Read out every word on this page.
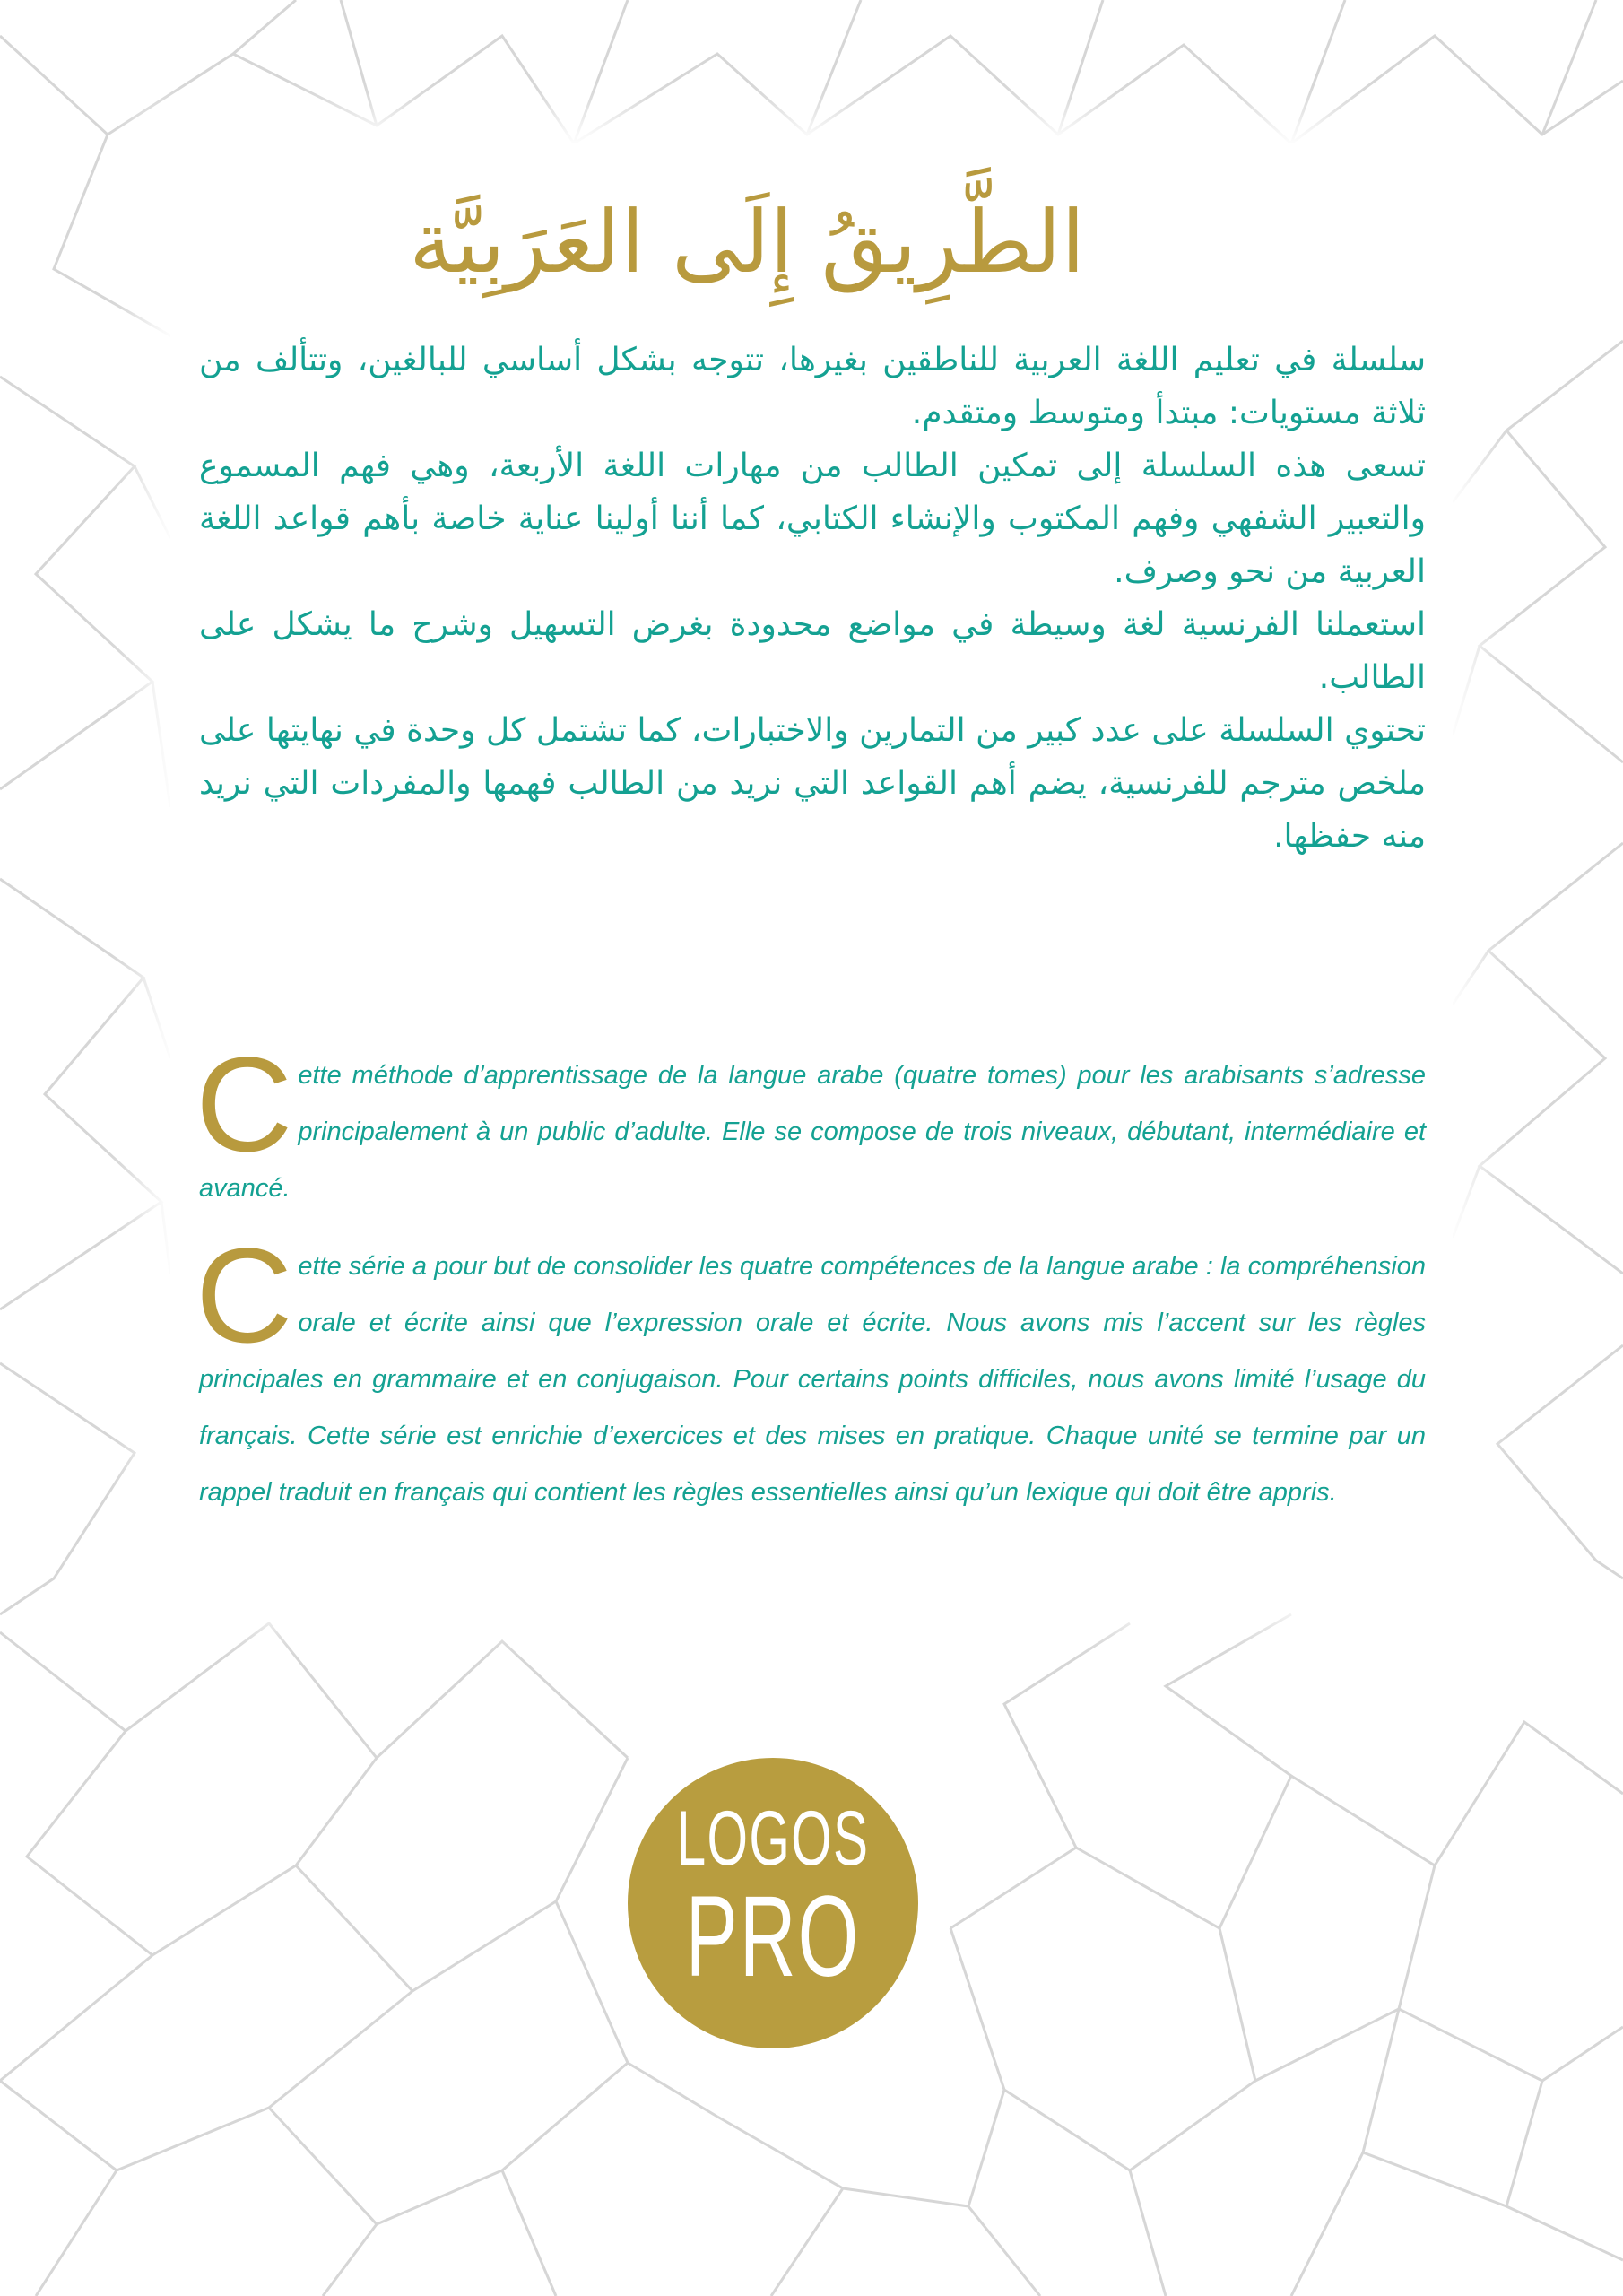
الطَّرِيقُ إِلَى العَرَبِيَّة

سلسلة في تعليم اللغة العربية للناطقين بغيرها، تتوجه بشكل أساسي للبالغين، وتتألف من ثلاثة مستويات: مبتدأ ومتوسط ومتقدم.

تسعى هذه السلسلة إلى تمكين الطالب من مهارات اللغة الأربعة، وهي فهم المسموع والتعبير الشفهي وفهم المكتوب والإنشاء الكتابي، كما أننا أولينا عناية خاصة بأهم قواعد اللغة العربية من نحو وصرف.

استعملنا الفرنسية لغة وسيطة في مواضع محدودة بغرض التسهيل وشرح ما يشكل على الطالب.

تحتوي السلسلة على عدد كبير من التمارين والاختبارات، كما تشتمل كل وحدة في نهايتها على ملخص مترجم للفرنسية، يضم أهم القواعد التي نريد من الطالب فهمها والمفردات التي نريد منه حفظها.

Cette méthode d’apprentissage de la langue arabe (quatre tomes) pour les arabisants s’adresse principalement à un public d’adulte. Elle se compose de trois niveaux, débutant, intermédiaire et avancé.

Cette série a pour but de consolider les quatre compétences de la langue arabe : la compréhension orale et écrite ainsi que l’expression orale et écrite. Nous avons mis l’accent sur les règles principales en grammaire et en conjugaison. Pour certains points difficiles, nous avons limité l’usage du français. Cette série est enrichie d’exercices et des mises en pratique. Chaque unité se termine par un rappel traduit en français qui contient les règles essentielles ainsi qu’un lexique qui doit être appris.

LOGOS
PRO
